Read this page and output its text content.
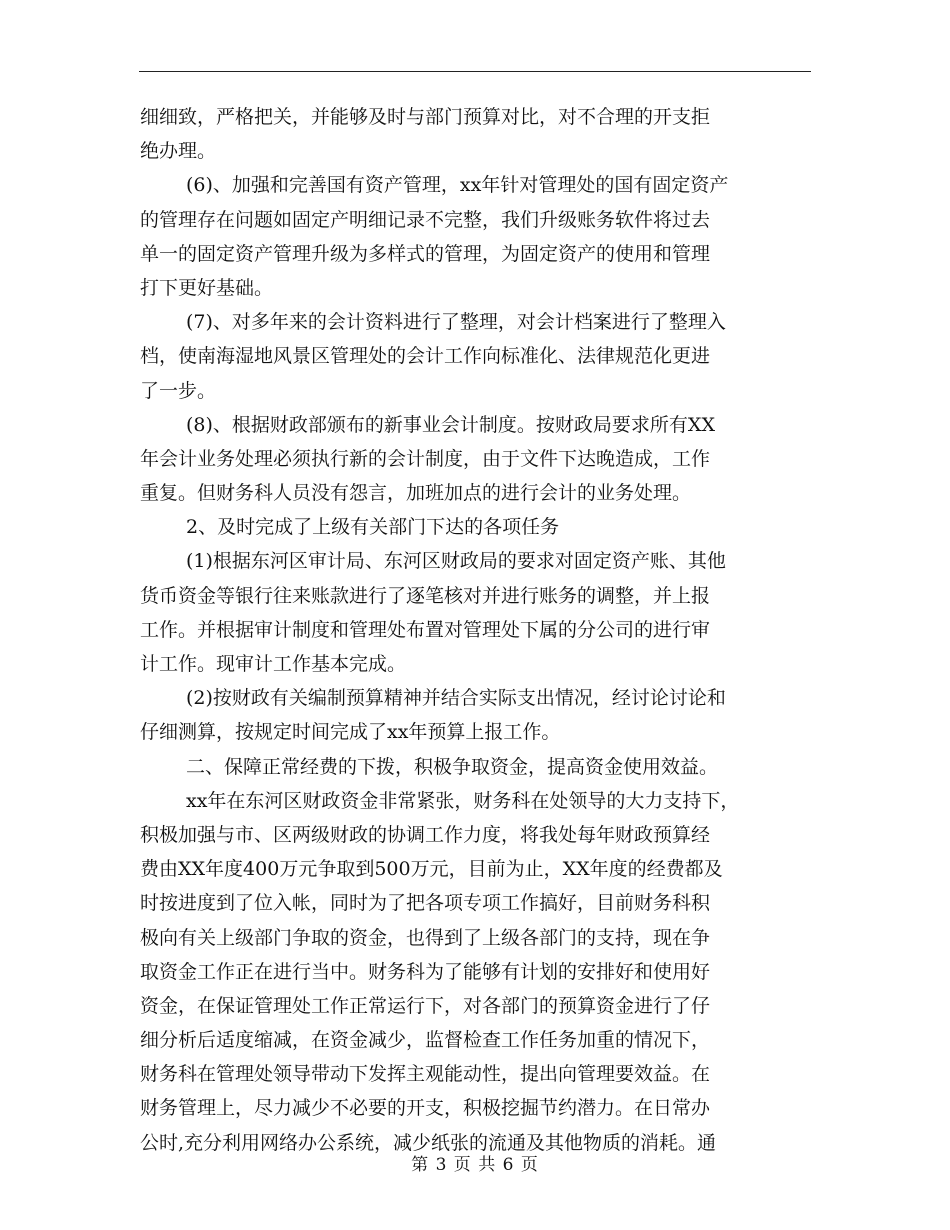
细细致，严格把关，并能够及时与部门预算对比，对不合理的开支拒
绝办理。
(6)、加强和完善国有资产管理，xx年针对管理处的国有固定资产
的管理存在问题如固定产明细记录不完整，我们升级账务软件将过去
单一的固定资产管理升级为多样式的管理，为固定资产的使用和管理
打下更好基础。
(7)、对多年来的会计资料进行了整理，对会计档案进行了整理入
档，使南海湿地风景区管理处的会计工作向标准化、法律规范化更进
了一步。
(8)、根据财政部颁布的新事业会计制度。按财政局要求所有XX
年会计业务处理必须执行新的会计制度，由于文件下达晚造成，工作
重复。但财务科人员没有怨言，加班加点的进行会计的业务处理。
2、及时完成了上级有关部门下达的各项任务
(1)根据东河区审计局、东河区财政局的要求对固定资产账、其他
货币资金等银行往来账款进行了逐笔核对并进行账务的调整，并上报
工作。并根据审计制度和管理处布置对管理处下属的分公司的进行审
计工作。现审计工作基本完成。
(2)按财政有关编制预算精神并结合实际支出情况，经讨论讨论和
仔细测算，按规定时间完成了xx年预算上报工作。
二、保障正常经费的下拨，积极争取资金，提高资金使用效益。
xx年在东河区财政资金非常紧张，财务科在处领导的大力支持下，
积极加强与市、区两级财政的协调工作力度，将我处每年财政预算经
费由XX年度400万元争取到500万元，目前为止，XX年度的经费都及
时按进度到了位入帐，同时为了把各项专项工作搞好，目前财务科积
极向有关上级部门争取的资金，也得到了上级各部门的支持，现在争
取资金工作正在进行当中。财务科为了能够有计划的安排好和使用好
资金，在保证管理处工作正常运行下，对各部门的预算资金进行了仔
细分析后适度缩减，在资金减少，监督检查工作任务加重的情况下，
财务科在管理处领导带动下发挥主观能动性，提出向管理要效益。在
财务管理上，尽力减少不必要的开支，积极挖掘节约潜力。在日常办
公时,充分利用网络办公系统，减少纸张的流通及其他物质的消耗。通
第 3 页 共 6 页
